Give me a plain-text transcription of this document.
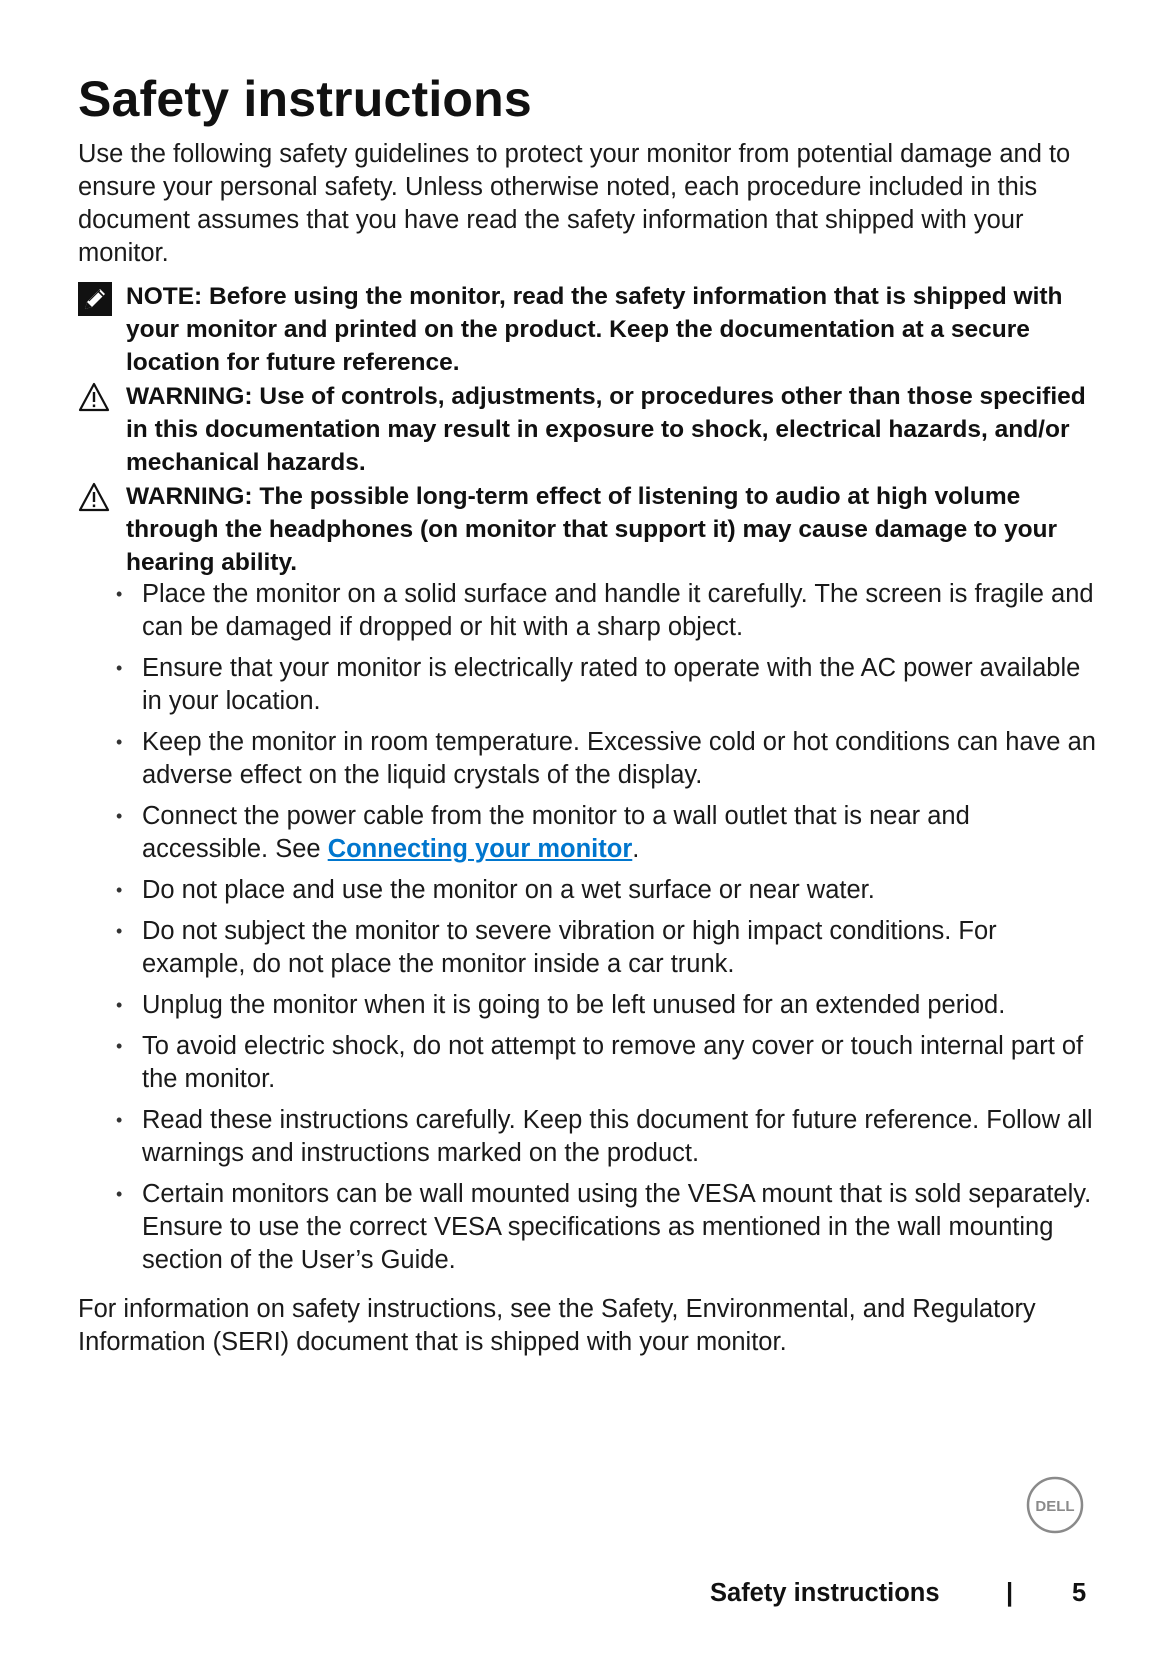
Safety instructions

Use the following safety guidelines to protect your monitor from potential damage and to ensure your personal safety. Unless otherwise noted, each procedure included in this document assumes that you have read the safety information that shipped with your monitor.

NOTE: Before using the monitor, read the safety information that is shipped with your monitor and printed on the product. Keep the documentation at a secure location for future reference.
WARNING: Use of controls, adjustments, or procedures other than those specified in this documentation may result in exposure to shock, electrical hazards, and/or mechanical hazards.
WARNING: The possible long-term effect of listening to audio at high volume through the headphones (on monitor that support it) may cause damage to your hearing ability.
• Place the monitor on a solid surface and handle it carefully. The screen is fragile and can be damaged if dropped or hit with a sharp object.
• Ensure that your monitor is electrically rated to operate with the AC power available in your location.
• Keep the monitor in room temperature. Excessive cold or hot conditions can have an adverse effect on the liquid crystals of the display.
• Connect the power cable from the monitor to a wall outlet that is near and accessible. See Connecting your monitor.
• Do not place and use the monitor on a wet surface or near water.
• Do not subject the monitor to severe vibration or high impact conditions. For example, do not place the monitor inside a car trunk.
• Unplug the monitor when it is going to be left unused for an extended period.
• To avoid electric shock, do not attempt to remove any cover or touch internal part of the monitor.
• Read these instructions carefully. Keep this document for future reference. Follow all warnings and instructions marked on the product.
• Certain monitors can be wall mounted using the VESA mount that is sold separately. Ensure to use the correct VESA specifications as mentioned in the wall mounting section of the User’s Guide.

For information on safety instructions, see the Safety, Environmental, and Regulatory Information (SERI) document that is shipped with your monitor.

DELL
Safety instructions	| 5
